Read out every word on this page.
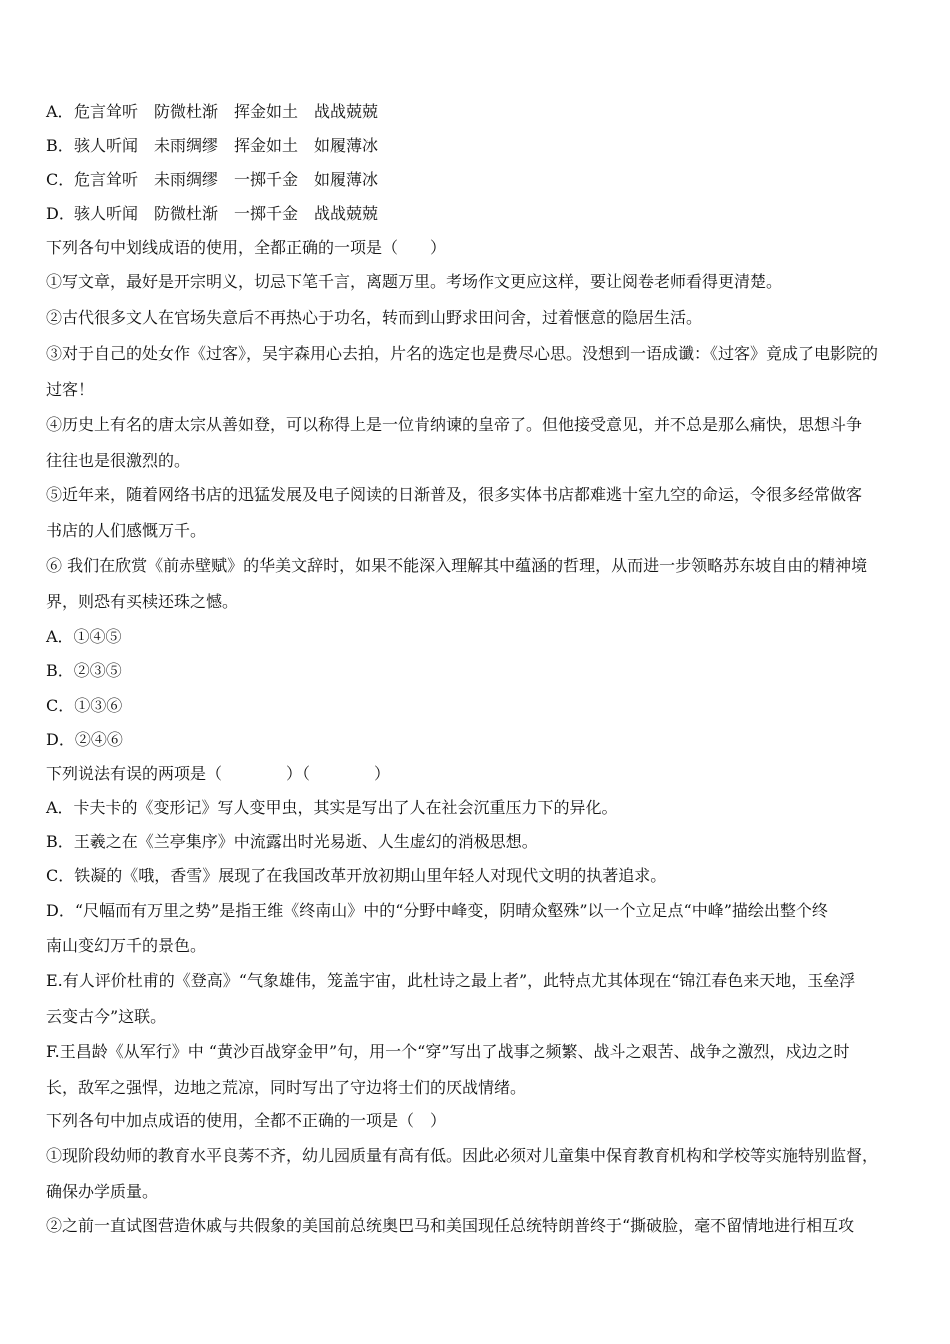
A． 危言耸听 防微杜渐 挥金如土 战战兢兢
B． 骇人听闻 未雨绸缪 挥金如土 如履薄冰
C． 危言耸听 未雨绸缪 一掷千金 如履薄冰
D． 骇人听闻 防微杜渐 一掷千金 战战兢兢
下列各句中划线成语的使用，全都正确的一项是（　　）
①写文章，最好是开宗明义，切忌下笔千言，离题万里。考场作文更应这样，要让阅卷老师看得更清楚。
②古代很多文人在官场失意后不再热心于功名，转而到山野求田问舍，过着惬意的隐居生活。
③对于自己的处女作《过客》，吴宇森用心去拍，片名的选定也是费尽心思。没想到一语成谶：《过客》竟成了电影院的
过客！
④历史上有名的唐太宗从善如登，可以称得上是一位肯纳谏的皇帝了。但他接受意见，并不总是那么痛快，思想斗争
往往也是很激烈的。
⑤近年来，随着网络书店的迅猛发展及电子阅读的日渐普及，很多实体书店都难逃十室九空的命运，令很多经常做客
书店的人们感慨万千。
⑥ 我们在欣赏《前赤壁赋》的华美文辞时，如果不能深入理解其中蕴涵的哲理，从而进一步领略苏东坡自由的精神境
界，则恐有买椟还珠之憾。
A．①④⑤
B．②③⑤
C．①③⑥
D．②④⑥
下列说法有误的两项是（　　　　）（　　　　）
A．卡夫卡的《变形记》写人变甲虫，其实是写出了人在社会沉重压力下的异化。
B．王羲之在《兰亭集序》中流露出时光易逝、人生虚幻的消极思想。
C．铁凝的《哦，香雪》展现了在我国改革开放初期山里年轻人对现代文明的执著追求。
D．“尺幅而有万里之势”是指王维《终南山》中的“分野中峰变，阴晴众壑殊”以一个立足点“中峰”描绘出整个终
南山变幻万千的景色。
E.有人评价杜甫的《登高》“气象雄伟，笼盖宇宙，此杜诗之最上者”，此特点尤其体现在“锦江春色来天地，玉垒浮
云变古今”这联。
F.王昌龄《从军行》中 “黄沙百战穿金甲”句，用一个“穿”写出了战事之频繁、战斗之艰苦、战争之激烈，戍边之时
长，敌军之强悍，边地之荒凉，同时写出了守边将士们的厌战情绪。
下列各句中加点成语的使用，全都不正确的一项是（　）
①现阶段幼师的教育水平良莠不齐，幼儿园质量有高有低。因此必须对儿童集中保育教育机构和学校等实施特别监督，
确保办学质量。
②之前一直试图营造休戚与共假象的美国前总统奥巴马和美国现任总统特朗普终于“撕破脸，毫不留情地进行相互攻
